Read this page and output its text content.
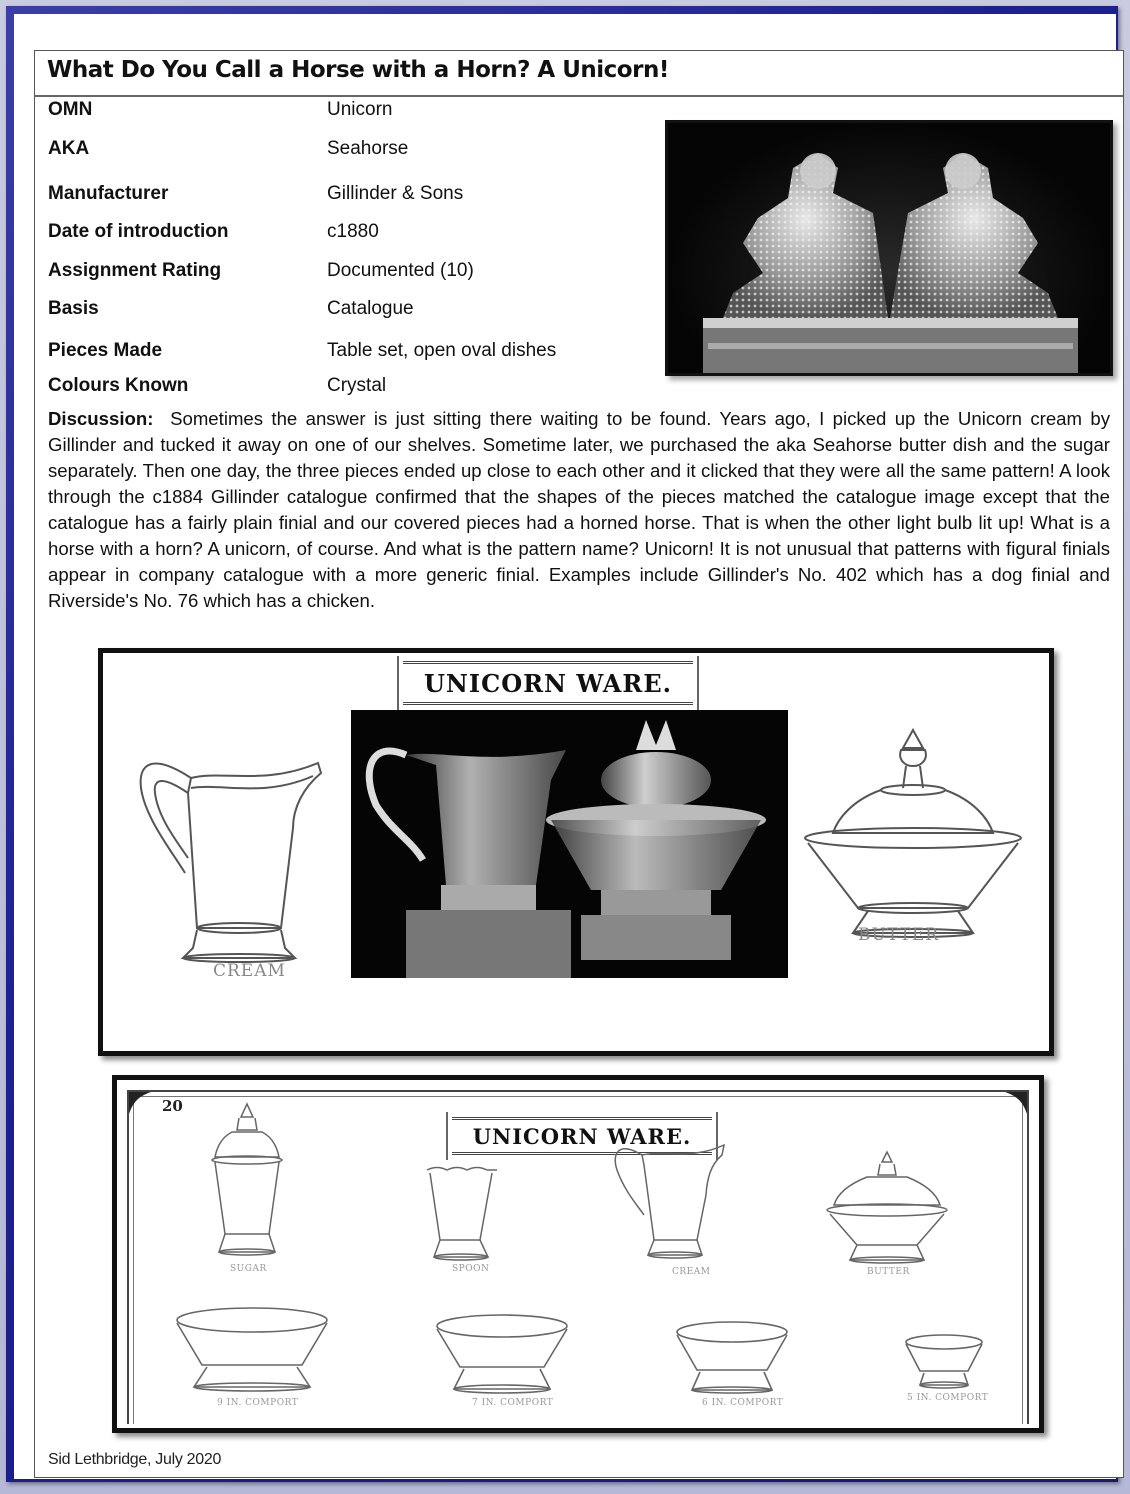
What Do You Call a Horse with a Horn? A Unicorn!
OMN	Unicorn
AKA	Seahorse
Manufacturer	Gillinder & Sons
Date of introduction	c1880
Assignment Rating	Documented (10)
Basis	Catalogue
Pieces Made	Table set, open oval dishes
Colours Known	Crystal
Discussion: Sometimes the answer is just sitting there waiting to be found. Years ago, I picked up the Unicorn cream by Gillinder and tucked it away on one of our shelves. Sometime later, we purchased the aka Seahorse butter dish and the sugar separately. Then one day, the three pieces ended up close to each other and it clicked that they were all the same pattern! A look through the c1884 Gillinder catalogue confirmed that the shapes of the pieces matched the catalogue image except that the catalogue has a fairly plain finial and our covered pieces had a horned horse. That is when the other light bulb lit up! What is a horse with a horn? A unicorn, of course. And what is the pattern name? Unicorn! It is not unusual that patterns with figural finials appear in company catalogue with a more generic finial. Examples include Gillinder's No. 402 which has a dog finial and Riverside's No. 76 which has a chicken.
UNICORN WARE.
CREAM
BUTTER
20
UNICORN WARE.
SUGAR	SPOON	CREAM	BUTTER
9 IN. COMPORT	7 IN. COMPORT	6 IN. COMPORT	5 IN. COMPORT
Sid Lethbridge, July 2020
